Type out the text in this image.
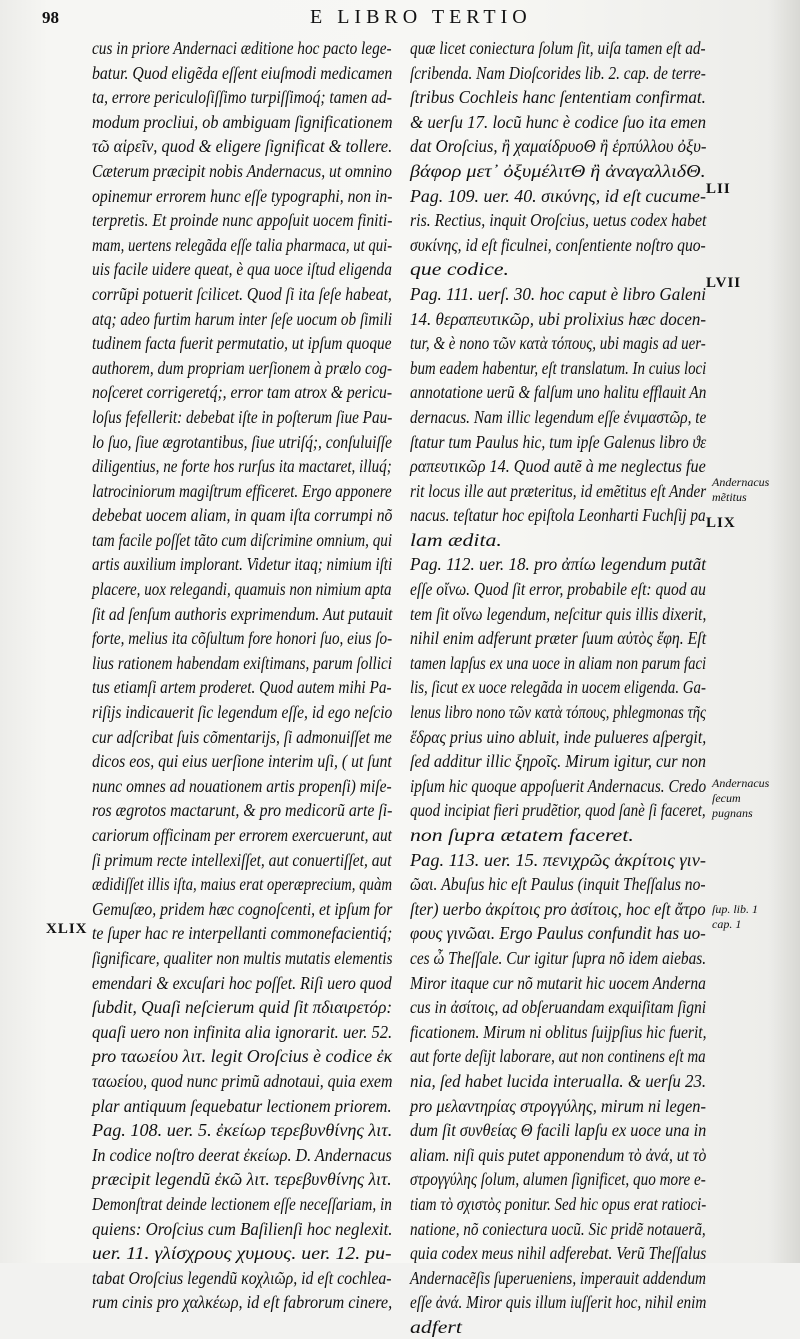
98	E LIBRO TERTIO
cus in priore Andernaci æditione hoc pacto lege-
batur. Quod eligẽda eſſent eiuſmodi medicamen
ta, errore periculoſiſſimo turpiſſimoq́; tamen ad-
modum procliui, ob ambiguam ſignificationem
τῶ αἱρεῖν, quod & eligere ſignificat & tollere.
Cæterum præcipit nobis Andernacus, ut omnino
opinemur errorem hunc eſſe typographi, non in-
terpretis. Et proinde nunc appoſuit uocem finiti-
mam, uertens relegãda eſſe talia pharmaca, ut qui-
uis facile uidere queat, è qua uoce iſtud eligenda
corrũpi potuerit ſcilicet. Quod ſi ita ſeſe habeat,
atq; adeo furtim harum inter ſeſe uocum ob ſimili
tudinem facta fuerit permutatio, ut ipſum quoque
authorem, dum propriam uerſionem à prælo cog-
noſceret corrigeretq́;, error tam atrox & pericu-
loſus fefellerit: debebat iſte in poſterum ſiue Pau-
lo ſuo, ſiue ægrotantibus, ſiue utriſq́;, conſuluiſſe
diligentius, ne forte hos rurſus ita mactaret, illuq́;
latrociniorum magiſtrum efficeret. Ergo apponere
debebat uocem aliam, in quam iſta corrumpi nõ
tam facile poſſet tãto cum diſcrimine omnium, qui
artis auxilium implorant. Videtur itaq; nimium iſti
placere, uox relegandi, quamuis non nimium apta
ſit ad ſenſum authoris exprimendum. Aut putauit
forte, melius ita cõſultum fore honori ſuo, eius ſo-
lius rationem habendam exiſtimans, parum ſollici
tus etiamſi artem proderet. Quod autem mihi Pa-
riſijs indicauerit ſic legendum eſſe, id ego neſcio
cur adſcribat ſuis cõmentarijs, ſi admonuiſſet me
dicos eos, qui eius uerſione interim uſi, ( ut ſunt
nunc omnes ad nouationem artis propenſi) miſe-
ros ægrotos mactarunt, & pro medicorũ arte ſi-
cariorum officinam per errorem exercuerunt, aut
ſi primum recte intellexiſſet, aut conuertiſſet, aut
ædidiſſet illis iſta, maius erat operæprecium, quàm
Gemuſæo, pridem hæc cognoſcenti, et ipſum for
te ſuper hac re interpellanti commonefacientiq́;
ſignificare, qualiter non multis mutatis elementis
emendari & excuſari hoc poſſet. Riſi uero quod
ſubdit, Quaſi neſcierum quid ſit πδιαιρετόρ:
quaſi uero non infinita alia ignorarit. uer. 52.
pro ταωείου λιτ. legit Oroſcius è codice ἐκ
ταωείου, quod nunc primũ adnotaui, quia exem
plar antiquum ſequebatur lectionem priorem.
Pag. 108. uer. 5. ἐκείωρ τερεβυνθίνης λιτ.
In codice noſtro deerat ἐκείωρ. D. Andernacus
præcipit legendũ ἐκῶ λιτ. τερεβυνθίνης λιτ.
Demonſtrat deinde lectionem eſſe neceſſariam, in
quiens: Oroſcius cum Baſilienſi hoc neglexit.
uer. 11. γλίσχρους χυμους. uer. 12. pu-
tabat Oroſcius legendũ κοχλιῶρ, id eſt cochlea-
rum cinis pro χαλκέωρ, id eſt fabrorum cinere,
quæ licet coniectura ſolum ſit, uiſa tamen eſt ad-
ſcribenda. Nam Dioſcorides lib. 2. cap. de terre-
ſtribus Cochleis hanc ſententiam confirmat.
& uerſu 17. locũ hunc è codice ſuo ita emen
dat Oroſcius, ἢ χαμαίδρυοΘ ἢ ἑρπύλλου ὀξυ-
βάφορ μετ᾽ ὀξυμέλιτΘ ἢ ἀναγαλλιδΘ.
Pag. 109. uer. 40. σικύνης, id eſt cucume-
ris. Rectius, inquit Oroſcius, uetus codex habet
συκίνης, id eſt ficulnei, conſentiente noſtro quo-
que codice.
Pag. 111. uerſ. 30. hoc caput è libro Galeni
14. θεραπευτικῶρ, ubi prolixius hæc docen-
tur, & è nono τῶν κατὰ τόπους, ubi magis ad uer-
bum eadem habentur, eſt translatum. In cuius loci
annotatione uerũ & falſum uno halitu efflauit An
dernacus. Nam illic legendum eſſe ἐνιμαστῶρ, te
ſtatur tum Paulus hic, tum ipſe Galenus libro ϑε
ραπευτικῶρ 14. Quod autẽ à me neglectus fue
rit locus ille aut præteritus, id emẽtitus eſt Ander
nacus. teſtatur hoc epiſtola Leonharti Fuchſij pa
lam ædita.
Pag. 112. uer. 18. pro ἀπίω legendum putãt
eſſe οἴνω. Quod ſit error, probabile eſt: quod au
tem ſit οἴνω legendum, neſcitur quis illis dixerit,
nihil enim adferunt præter ſuum αὐτὸς ἔφη. Eſt
tamen lapſus ex una uoce in aliam non parum faci
lis, ſicut ex uoce relegãda in uocem eligenda. Ga-
lenus libro nono τῶν κατὰ τόπους, phlegmonas τῆς
ἕδρας prius uino abluit, inde pulueres aſpergit,
ſed additur illic ξηροῖς. Mirum igitur, cur non
ipſum hic quoque appoſuerit Andernacus. Credo
quod incipiat fieri prudẽtior, quod ſanè ſi faceret,
non ſupra ætatem faceret.
Pag. 113. uer. 15. πενιχρῶς ἀκρίτοις γιν-
ῶαι. Abuſus hic eſt Paulus (inquit Theſſalus no-
ſter) uerbo ἀκρίτοις pro ἀσίτοις, hoc eſt ἄτρο
φους γινῶαι. Ergo Paulus confundit has uo-
ces ὦ Theſſale. Cur igitur ſupra nõ idem aiebas.
Miror itaque cur nõ mutarit hic uocem Anderna
cus in ἀσίτοις, ad obſeruandam exquiſitam ſigni
ficationem. Mirum ni oblitus ſuijpſius hic fuerit,
aut forte deſijt laborare, aut non continens eſt ma
nia, ſed habet lucida interualla. & uerſu 23.
pro μελαντηρίας στρογγύλης, mirum ni legen-
dum ſit συνθείας Θ facili lapſu ex uoce una in
aliam. niſi quis putet apponendum τὸ ἀνά, ut τὸ
στρογγύλης ſolum, alumen ſignificet, quo more e-
tiam τὸ σχιστὸς ponitur. Sed hic opus erat ratioci-
natione, nõ coniectura uocũ. Sic pridẽ notauerã,
quia codex meus nihil adferebat. Verũ Theſſalus
Andernacẽſis ſuperueniens, imperauit addendum
eſſe ἀνά. Miror quis illum iuſſerit hoc, nihil enim
adfert
LII
LVII
LIX
XLIX
Andernacus mẽtitus
Andernacus ſecum pugnans
ſup. lib. 1 cap. 1
